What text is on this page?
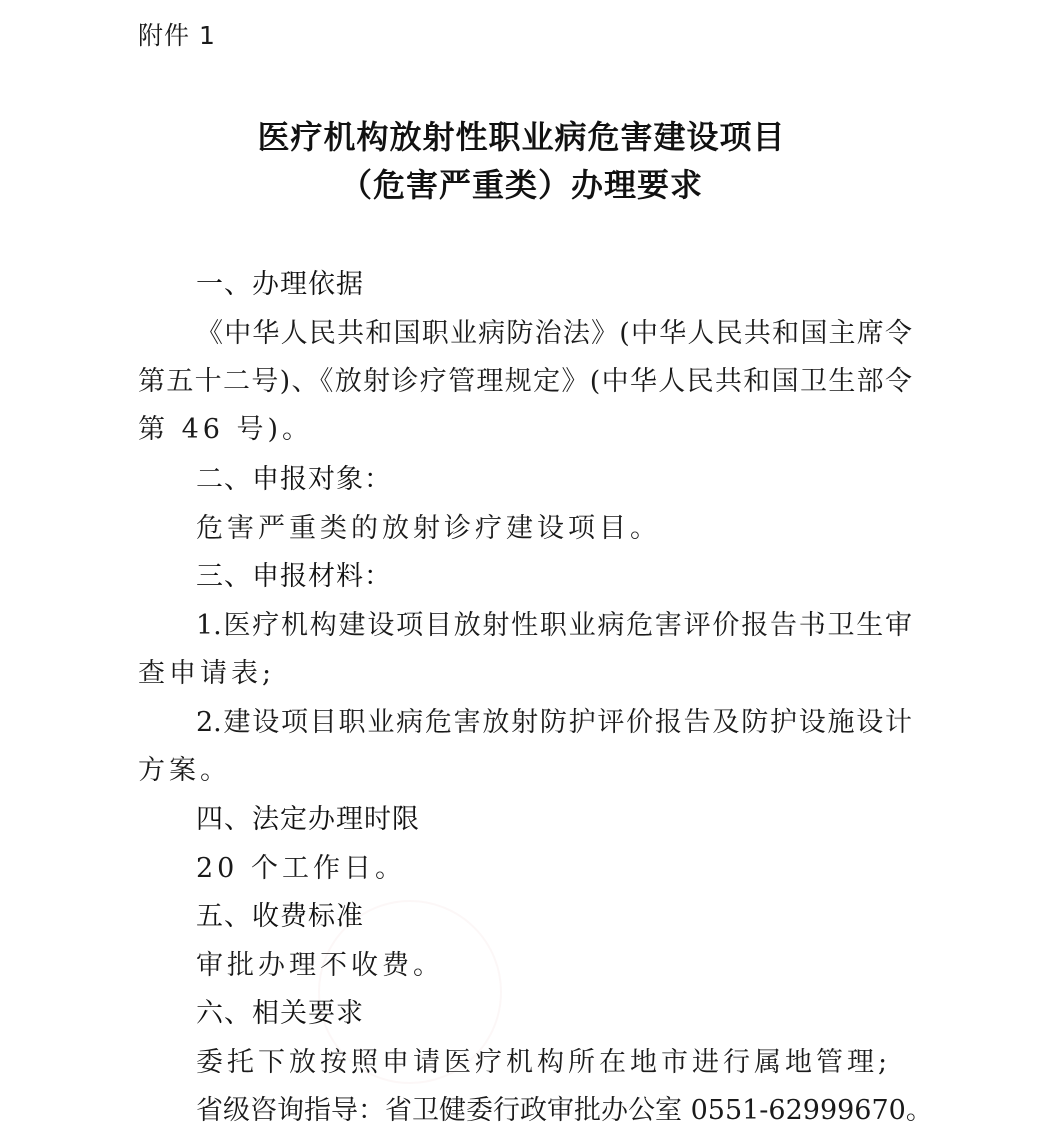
附件 1
医疗机构放射性职业病危害建设项目
（危害严重类）办理要求
一、办理依据
《中华人民共和国职业病防治法》(中华人民共和国主席令
第五十二号)、《放射诊疗管理规定》(中华人民共和国卫生部令
第 46 号)。
二、申报对象：
危害严重类的放射诊疗建设项目。
三、申报材料：
1.医疗机构建设项目放射性职业病危害评价报告书卫生审
查申请表;
2.建设项目职业病危害放射防护评价报告及防护设施设计
方案。
四、法定办理时限
20 个工作日。
五、收费标准
审批办理不收费。
六、相关要求
委托下放按照申请医疗机构所在地市进行属地管理;
省级咨询指导：省卫健委行政审批办公室 0551-62999670。
